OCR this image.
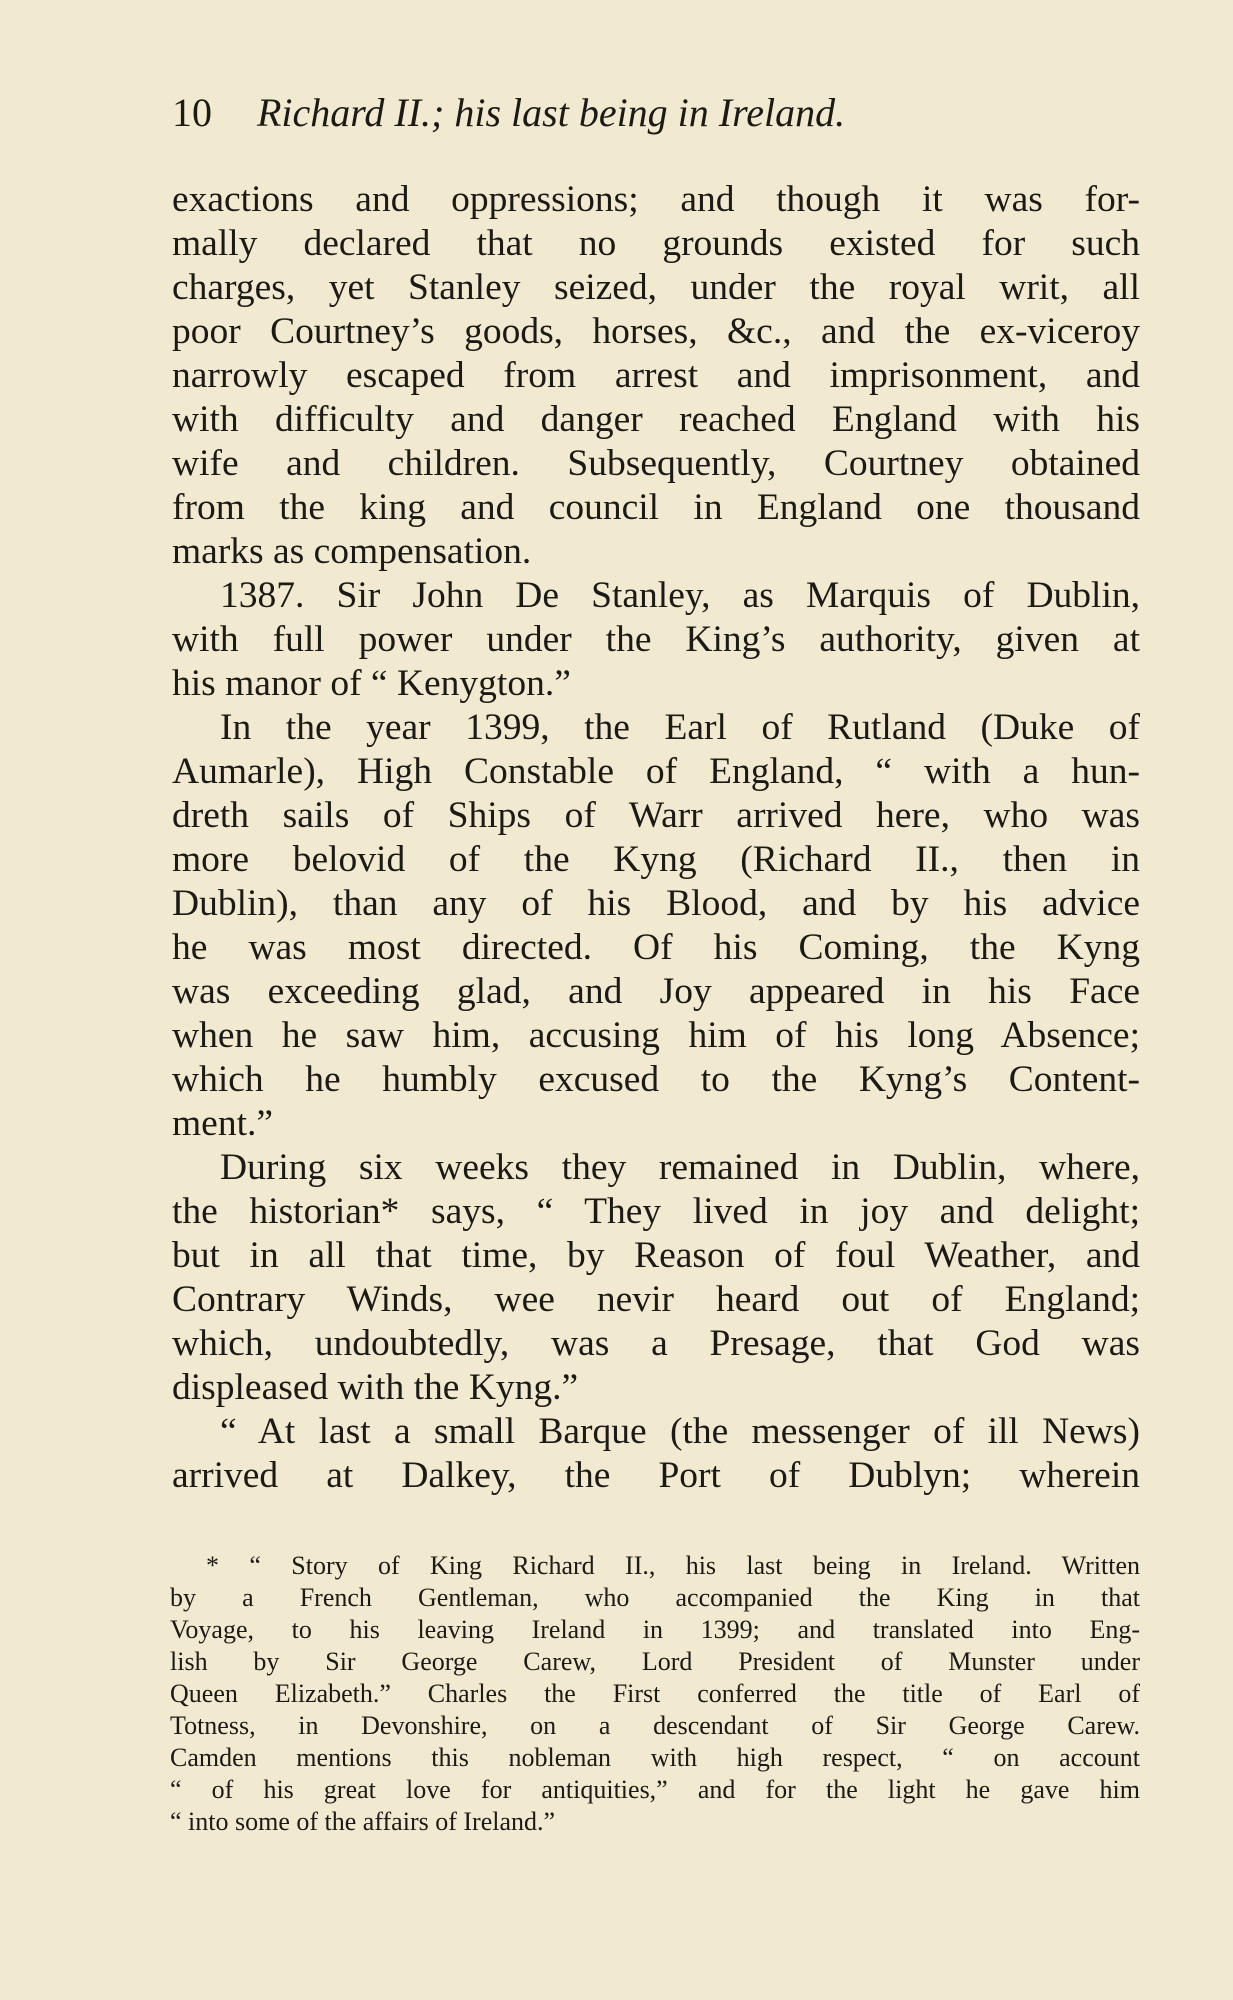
10 Richard II.; his last being in Ireland.
exactions and oppressions; and though it was for-
mally declared that no grounds existed for such
charges, yet Stanley seized, under the royal writ, all
poor Courtney’s goods, horses, &c., and the ex-viceroy
narrowly escaped from arrest and imprisonment, and
with difficulty and danger reached England with his
wife and children. Subsequently, Courtney obtained
from the king and council in England one thousand
marks as compensation.
1387. Sir John De Stanley, as Marquis of Dublin,
with full power under the King’s authority, given at
his manor of “ Kenygton.”
In the year 1399, the Earl of Rutland (Duke of
Aumarle), High Constable of England, “ with a hun-
dreth sails of Ships of Warr arrived here, who was
more belovid of the Kyng (Richard II., then in
Dublin), than any of his Blood, and by his advice
he was most directed. Of his Coming, the Kyng
was exceeding glad, and Joy appeared in his Face
when he saw him, accusing him of his long Absence;
which he humbly excused to the Kyng’s Content-
ment.”
During six weeks they remained in Dublin, where,
the historian* says, “ They lived in joy and delight;
but in all that time, by Reason of foul Weather, and
Contrary Winds, wee nevir heard out of England;
which, undoubtedly, was a Presage, that God was
displeased with the Kyng.”
“ At last a small Barque (the messenger of ill News)
arrived at Dalkey, the Port of Dublyn; wherein
* “ Story of King Richard II., his last being in Ireland. Written
by a French Gentleman, who accompanied the King in that
Voyage, to his leaving Ireland in 1399; and translated into Eng-
lish by Sir George Carew, Lord President of Munster under
Queen Elizabeth.” Charles the First conferred the title of Earl of
Totness, in Devonshire, on a descendant of Sir George Carew.
Camden mentions this nobleman with high respect, “ on account
“ of his great love for antiquities,” and for the light he gave him
“ into some of the affairs of Ireland.”
